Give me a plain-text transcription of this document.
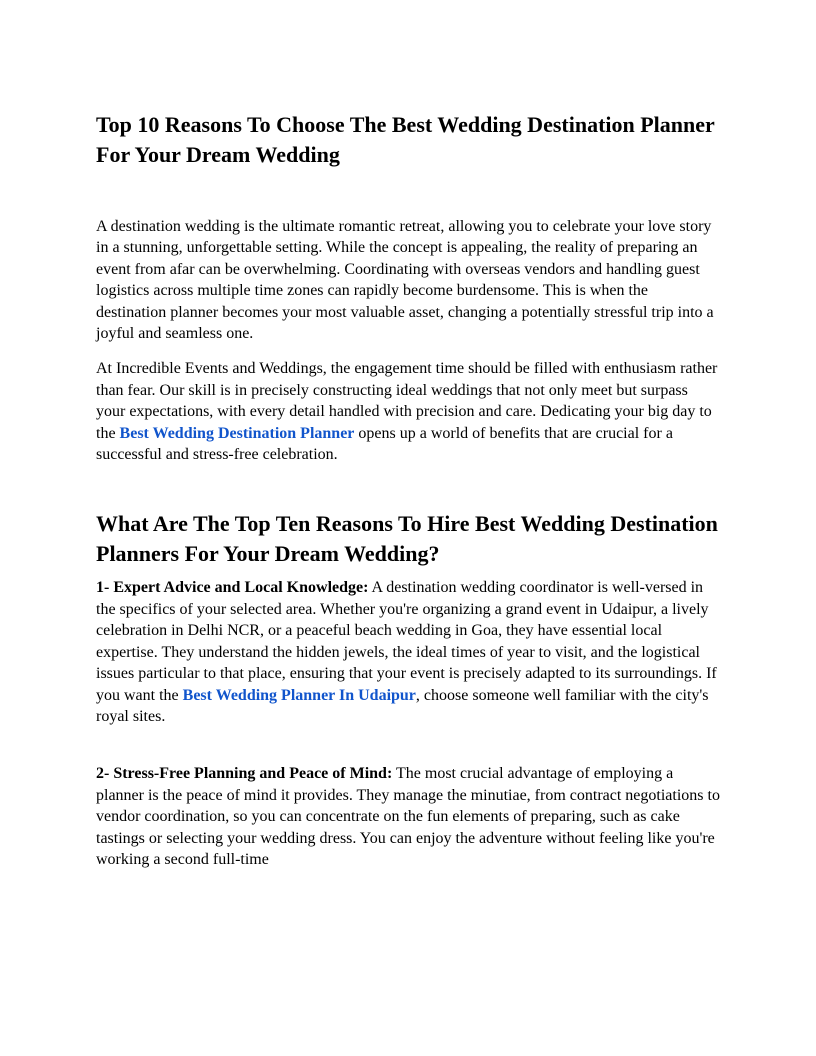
Top 10 Reasons To Choose The Best Wedding Destination Planner For Your Dream Wedding

A destination wedding is the ultimate romantic retreat, allowing you to celebrate your love story in a stunning, unforgettable setting. While the concept is appealing, the reality of preparing an event from afar can be overwhelming. Coordinating with overseas vendors and handling guest logistics across multiple time zones can rapidly become burdensome. This is when the destination planner becomes your most valuable asset, changing a potentially stressful trip into a joyful and seamless one.

At Incredible Events and Weddings, the engagement time should be filled with enthusiasm rather than fear. Our skill is in precisely constructing ideal weddings that not only meet but surpass your expectations, with every detail handled with precision and care. Dedicating your big day to the Best Wedding Destination Planner opens up a world of benefits that are crucial for a successful and stress-free celebration.

What Are The Top Ten Reasons To Hire Best Wedding Destination Planners For Your Dream Wedding?

1- Expert Advice and Local Knowledge: A destination wedding coordinator is well-versed in the specifics of your selected area. Whether you're organizing a grand event in Udaipur, a lively celebration in Delhi NCR, or a peaceful beach wedding in Goa, they have essential local expertise. They understand the hidden jewels, the ideal times of year to visit, and the logistical issues particular to that place, ensuring that your event is precisely adapted to its surroundings. If you want the Best Wedding Planner In Udaipur, choose someone well familiar with the city's royal sites.

2- Stress-Free Planning and Peace of Mind: The most crucial advantage of employing a planner is the peace of mind it provides. They manage the minutiae, from contract negotiations to vendor coordination, so you can concentrate on the fun elements of preparing, such as cake tastings or selecting your wedding dress. You can enjoy the adventure without feeling like you're working a second full-time
